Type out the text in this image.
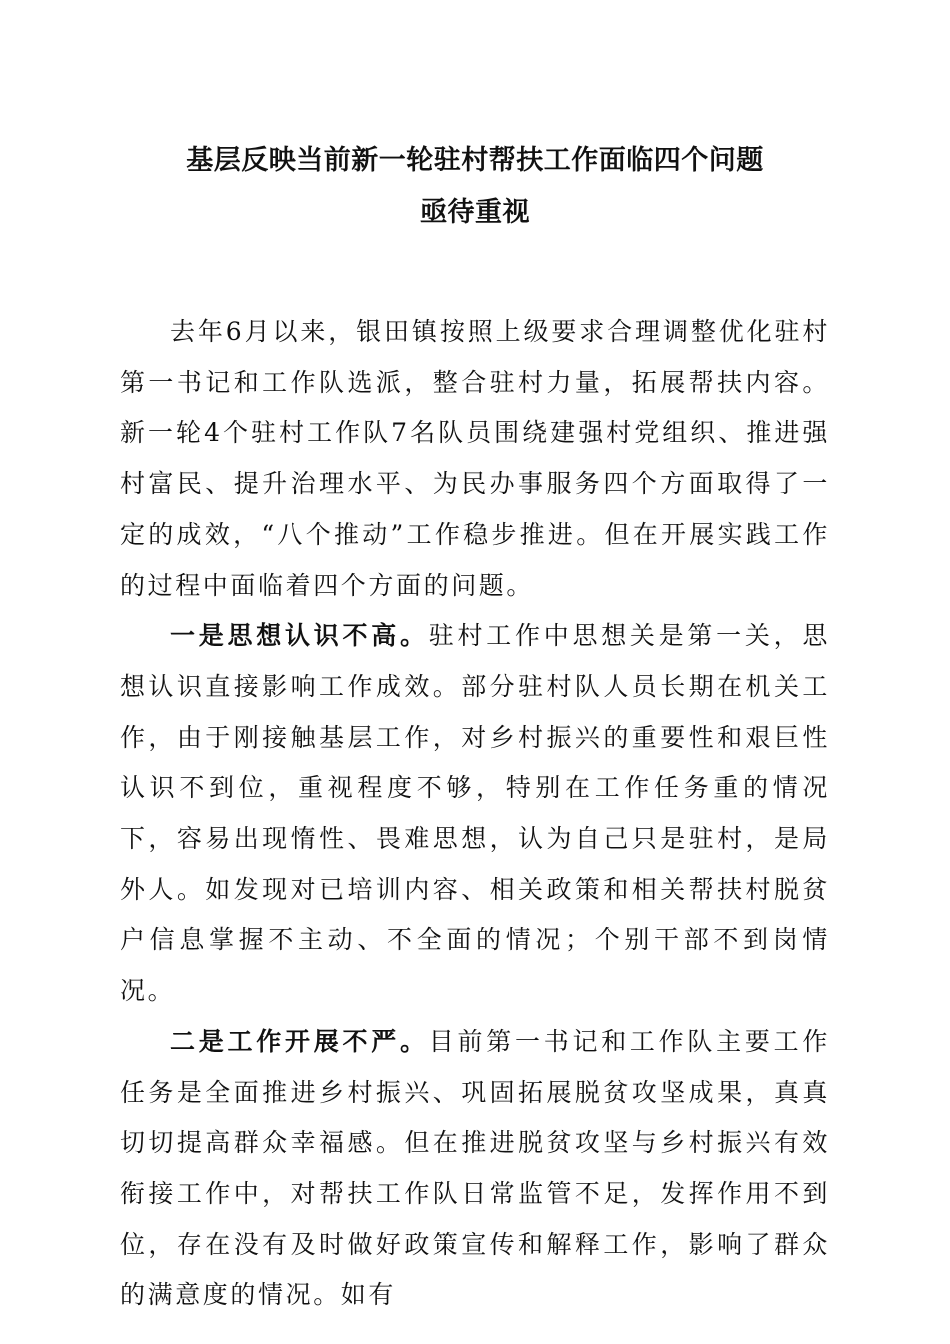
基层反映当前新一轮驻村帮扶工作面临四个问题
亟待重视

去年6月以来，银田镇按照上级要求合理调整优化驻村第一书记和工作队选派，整合驻村力量，拓展帮扶内容。新一轮4个驻村工作队7名队员围绕建强村党组织、推进强村富民、提升治理水平、为民办事服务四个方面取得了一定的成效，“八个推动”工作稳步推进。但在开展实践工作的过程中面临着四个方面的问题。

一是思想认识不高。驻村工作中思想关是第一关，思想认识直接影响工作成效。部分驻村队人员长期在机关工作，由于刚接触基层工作，对乡村振兴的重要性和艰巨性认识不到位，重视程度不够，特别在工作任务重的情况下，容易出现惰性、畏难思想，认为自己只是驻村，是局外人。如发现对已培训内容、相关政策和相关帮扶村脱贫户信息掌握不主动、不全面的情况；个别干部不到岗情况。

二是工作开展不严。目前第一书记和工作队主要工作任务是全面推进乡村振兴、巩固拓展脱贫攻坚成果，真真切切提高群众幸福感。但在推进脱贫攻坚与乡村振兴有效衔接工作中，对帮扶工作队日常监管不足，发挥作用不到位，存在没有及时做好政策宣传和解释工作，影响了群众的满意度的情况。如有
